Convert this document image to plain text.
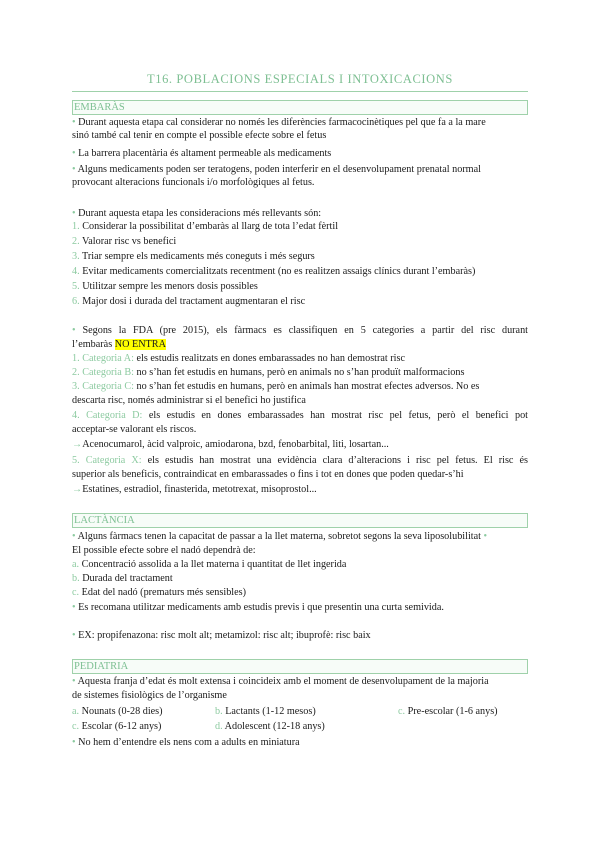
T16. POBLACIONS ESPECIALS I INTOXICACIONS
EMBARÀS
• Durant aquesta etapa cal considerar no només les diferències farmacocinètiques pel que fa a la mare
sinó també cal tenir en compte el possible efecte sobre el fetus
• La barrera placentària és altament permeable als medicaments
• Alguns medicaments poden ser teratogens, poden interferir en el desenvolupament prenatal normal
provocant alteracions funcionals i/o morfològiques al fetus.
• Durant aquesta etapa les consideracions més rellevants són:
1. Considerar la possibilitat d’embaràs al llarg de tota l’edat fèrtil
2. Valorar risc vs benefici
3. Triar sempre els medicaments més coneguts i més segurs
4. Evitar medicaments comercialitzats recentment (no es realitzen assaigs clínics durant l’embaràs)
5. Utilitzar sempre les menors dosis possibles
6. Major dosi i durada del tractament augmentaran el risc
• Segons la FDA (pre 2015), els fàrmacs es classifiquen en 5 categories a partir del risc durant
l’embaràs NO ENTRA
1. Categoria A: els estudis realitzats en dones embarassades no han demostrat risc
2. Categoria B: no s’han fet estudis en humans, però en animals no s’han produït malformacions
3. Categoria C: no s’han fet estudis en humans, però en animals han mostrat efectes adversos. No es
descarta risc, només administrar si el benefici ho justifica
4. Categoria D: els estudis en dones embarassades han mostrat risc pel fetus, però el benefici pot
acceptar-se valorant els riscos.
→Acenocumarol, àcid valproic, amiodarona, bzd, fenobarbital, liti, losartan...
5. Categoria X: els estudis han mostrat una evidència clara d’alteracions i risc pel fetus. El risc és
superior als beneficis, contraindicat en embarassades o fins i tot en dones que poden quedar-s’hi
→Estatines, estradiol, finasterida, metotrexat, misoprostol...
LACTÀNCIA
• Alguns fàrmacs tenen la capacitat de passar a la llet materna, sobretot segons la seva liposolubilitat •
El possible efecte sobre el nadó dependrà de:
a. Concentració assolida a la llet materna i quantitat de llet ingerida
b. Durada del tractament
c. Edat del nadó (prematurs més sensibles)
• Es recomana utilitzar medicaments amb estudis previs i que presentin una curta semivida.
• EX: propifenazona: risc molt alt; metamizol: risc alt; ibuprofè: risc baix
PEDIATRIA
• Aquesta franja d’edat és molt extensa i coincideix amb el moment de desenvolupament de la majoria
de sistemes fisiològics de l’organisme
a. Nounats (0-28 dies)	b. Lactants (1-12 mesos)	c. Pre-escolar (1-6 anys)
c. Escolar (6-12 anys)	d. Adolescent (12-18 anys)
• No hem d’entendre els nens com a adults en miniatura
